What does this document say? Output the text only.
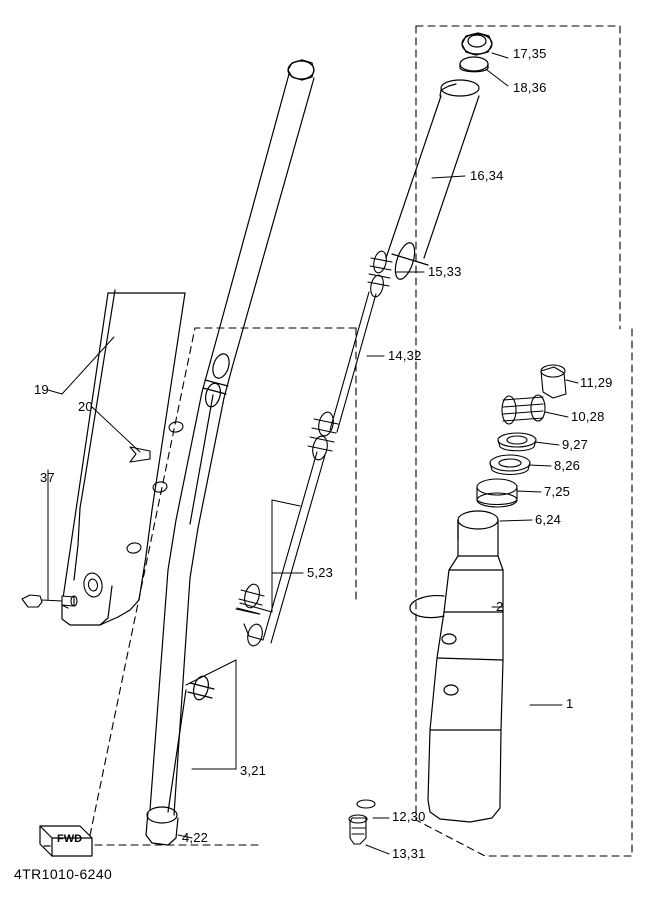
17,35
18,36
16,34
15,33
14,32
11,29
10,28
9,27
8,26
7,25
6,24
19
20
37
5,23
2
1
3,21
4,22
12,30
13,31
FWD
4TR1010-6240
